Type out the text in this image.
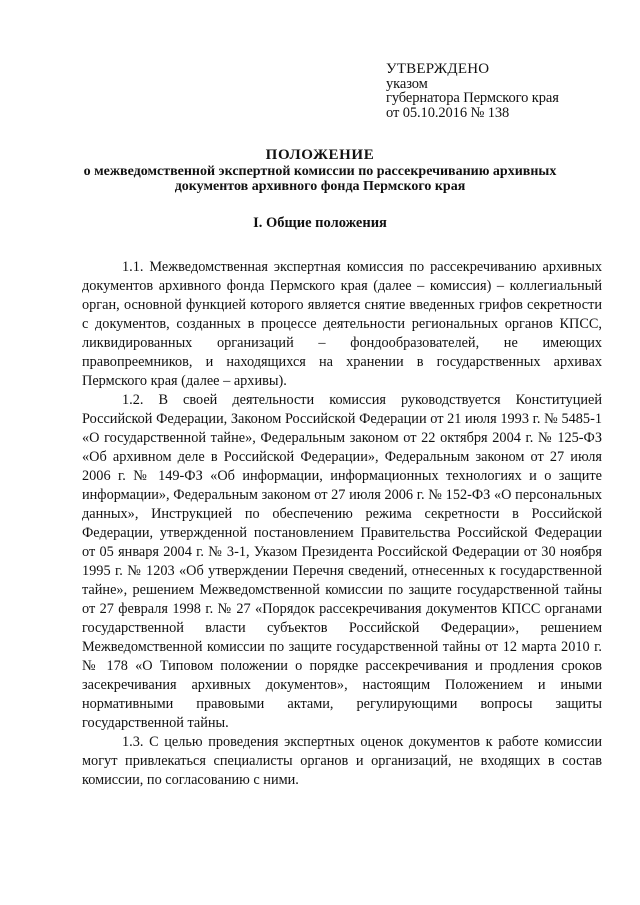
УТВЕРЖДЕНО
указом
губернатора Пермского края
от 05.10.2016 № 138
ПОЛОЖЕНИЕ
о межведомственной экспертной комиссии по рассекречиванию архивных
документов архивного фонда Пермского края
I. Общие положения

1.1. Межведомственная экспертная комиссия по рассекречиванию архивных документов архивного фонда Пермского края (далее – комиссия) – коллегиальный орган, основной функцией которого является снятие введенных грифов секретности с документов, созданных в процессе деятельности региональных органов КПСС, ликвидированных организаций – фондообразователей, не имеющих правопреемников, и находящихся на хранении в государственных архивах Пермского края (далее – архивы).

1.2. В своей деятельности комиссия руководствуется Конституцией Российской Федерации, Законом Российской Федерации от 21 июля 1993 г. № 5485-1 «О государственной тайне», Федеральным законом от 22 октября 2004 г. № 125-ФЗ «Об архивном деле в Российской Федерации», Федеральным законом от 27 июля 2006 г. № 149-ФЗ «Об информации, информационных технологиях и о защите информации», Федеральным законом от 27 июля 2006 г. № 152-ФЗ «О персональных данных», Инструкцией по обеспечению режима секретности в Российской Федерации, утвержденной постановлением Правительства Российской Федерации от 05 января 2004 г. № 3-1, Указом Президента Российской Федерации от 30 ноября 1995 г. № 1203 «Об утверждении Перечня сведений, отнесенных к государственной тайне», решением Межведомственной комиссии по защите государственной тайны от 27 февраля 1998 г. № 27 «Порядок рассекречивания документов КПСС органами государственной власти субъектов Российской Федерации», решением Межведомственной комиссии по защите государственной тайны от 12 марта 2010 г. № 178 «О Типовом положении о порядке рассекречивания и продления сроков засекречивания архивных документов», настоящим Положением и иными нормативными правовыми актами, регулирующими вопросы защиты государственной тайны.

1.3. С целью проведения экспертных оценок документов к работе комиссии могут привлекаться специалисты органов и организаций, не входящих в состав комиссии, по согласованию с ними.
